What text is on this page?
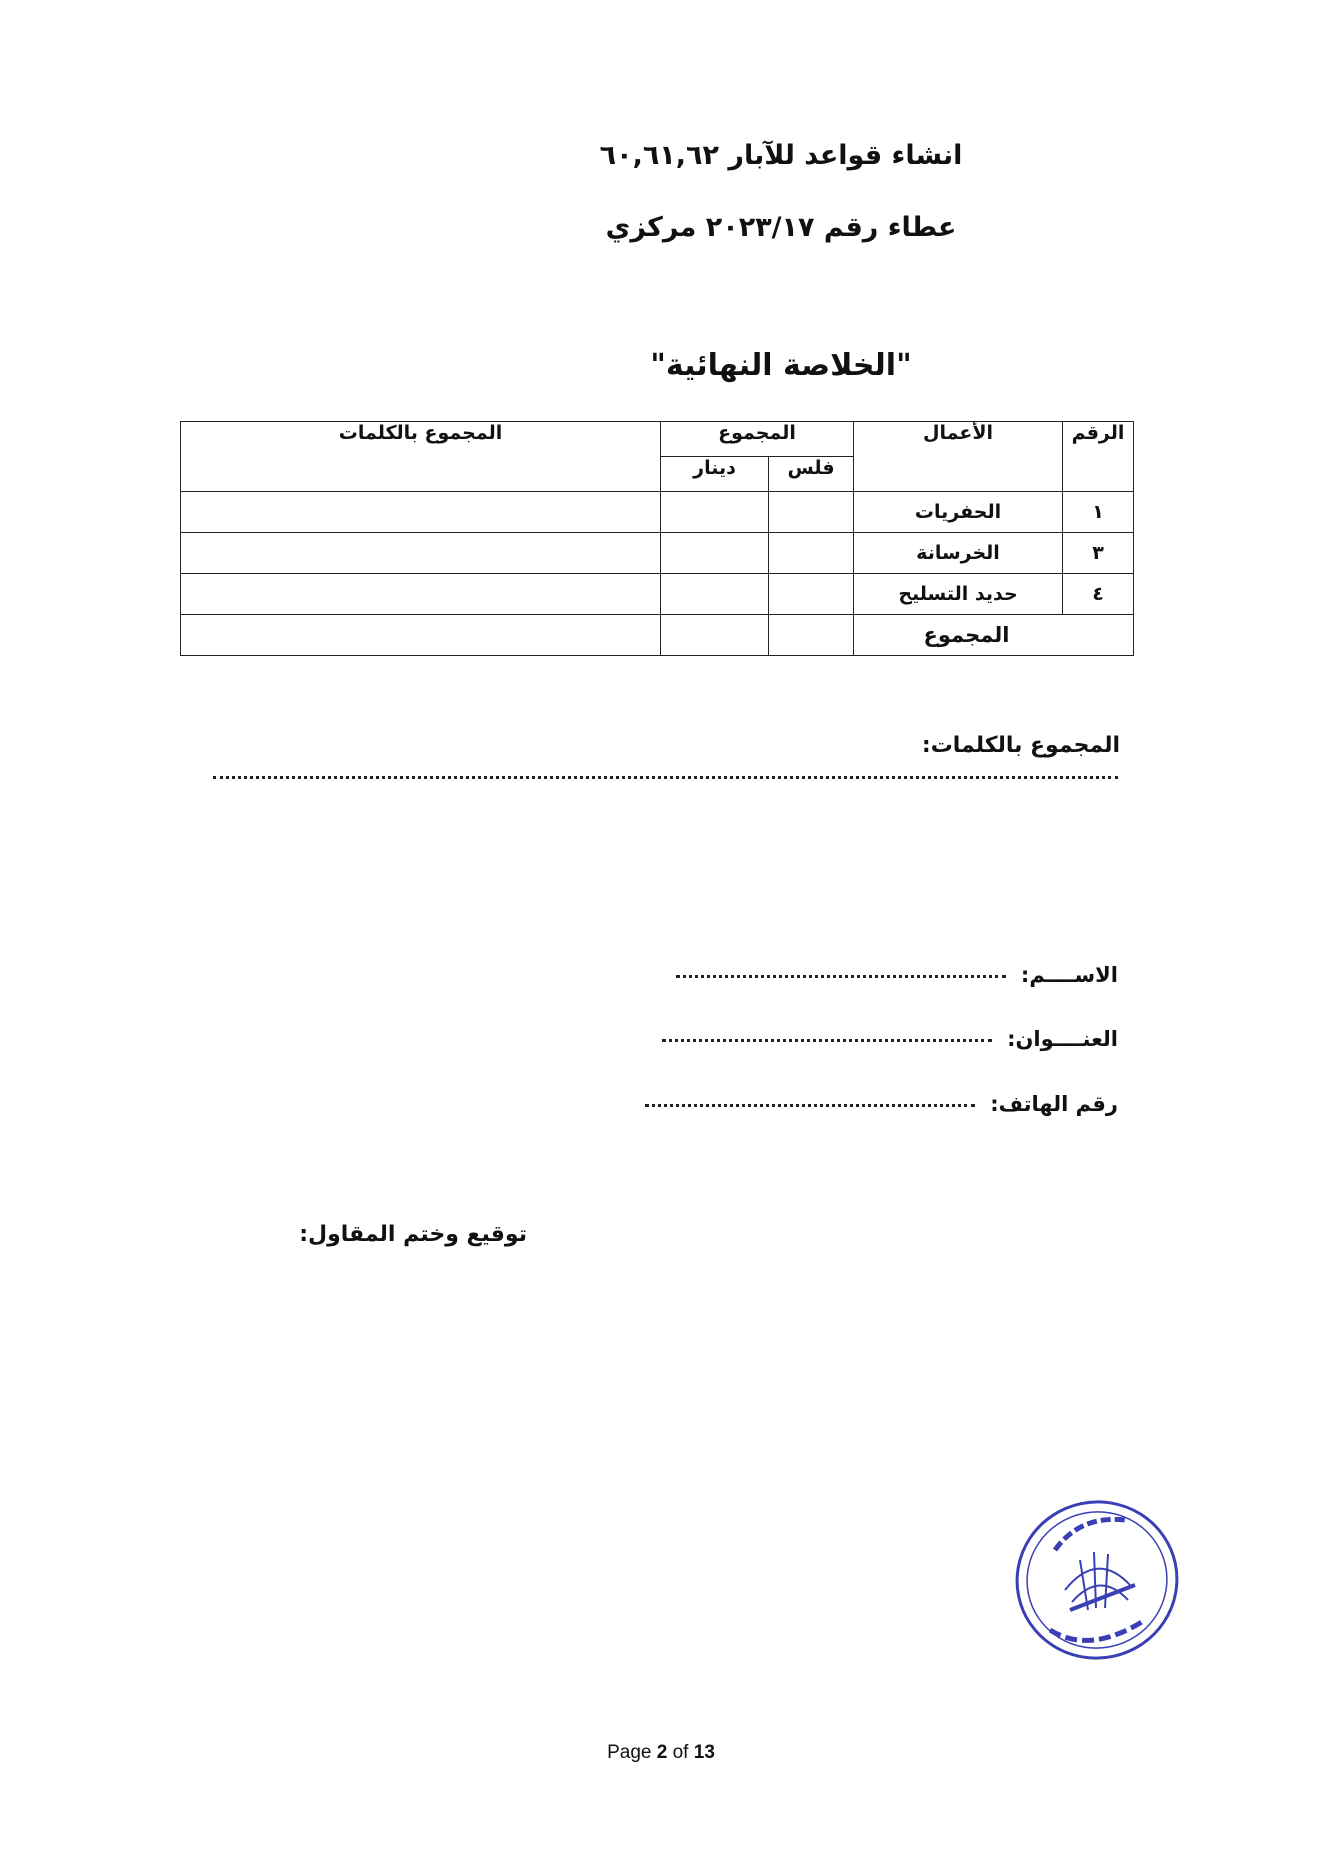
انشاء قواعد للآبار ٦٠,٦١,٦٢
عطاء رقم ٢٠٢٣/١٧ مركزي
"الخلاصة النهائية"
الرقم	الأعمال	المجموع		المجموع بالكلمات
		فلس	دينار	
١	الحفريات			
٣	الخرسانة			
٤	حديد التسليح			
المجموع				
المجموع بالكلمات:
الاســــم:
العنــــوان:
رقم الهاتف:
توقيع وختم المقاول:
Page 2 of 13
